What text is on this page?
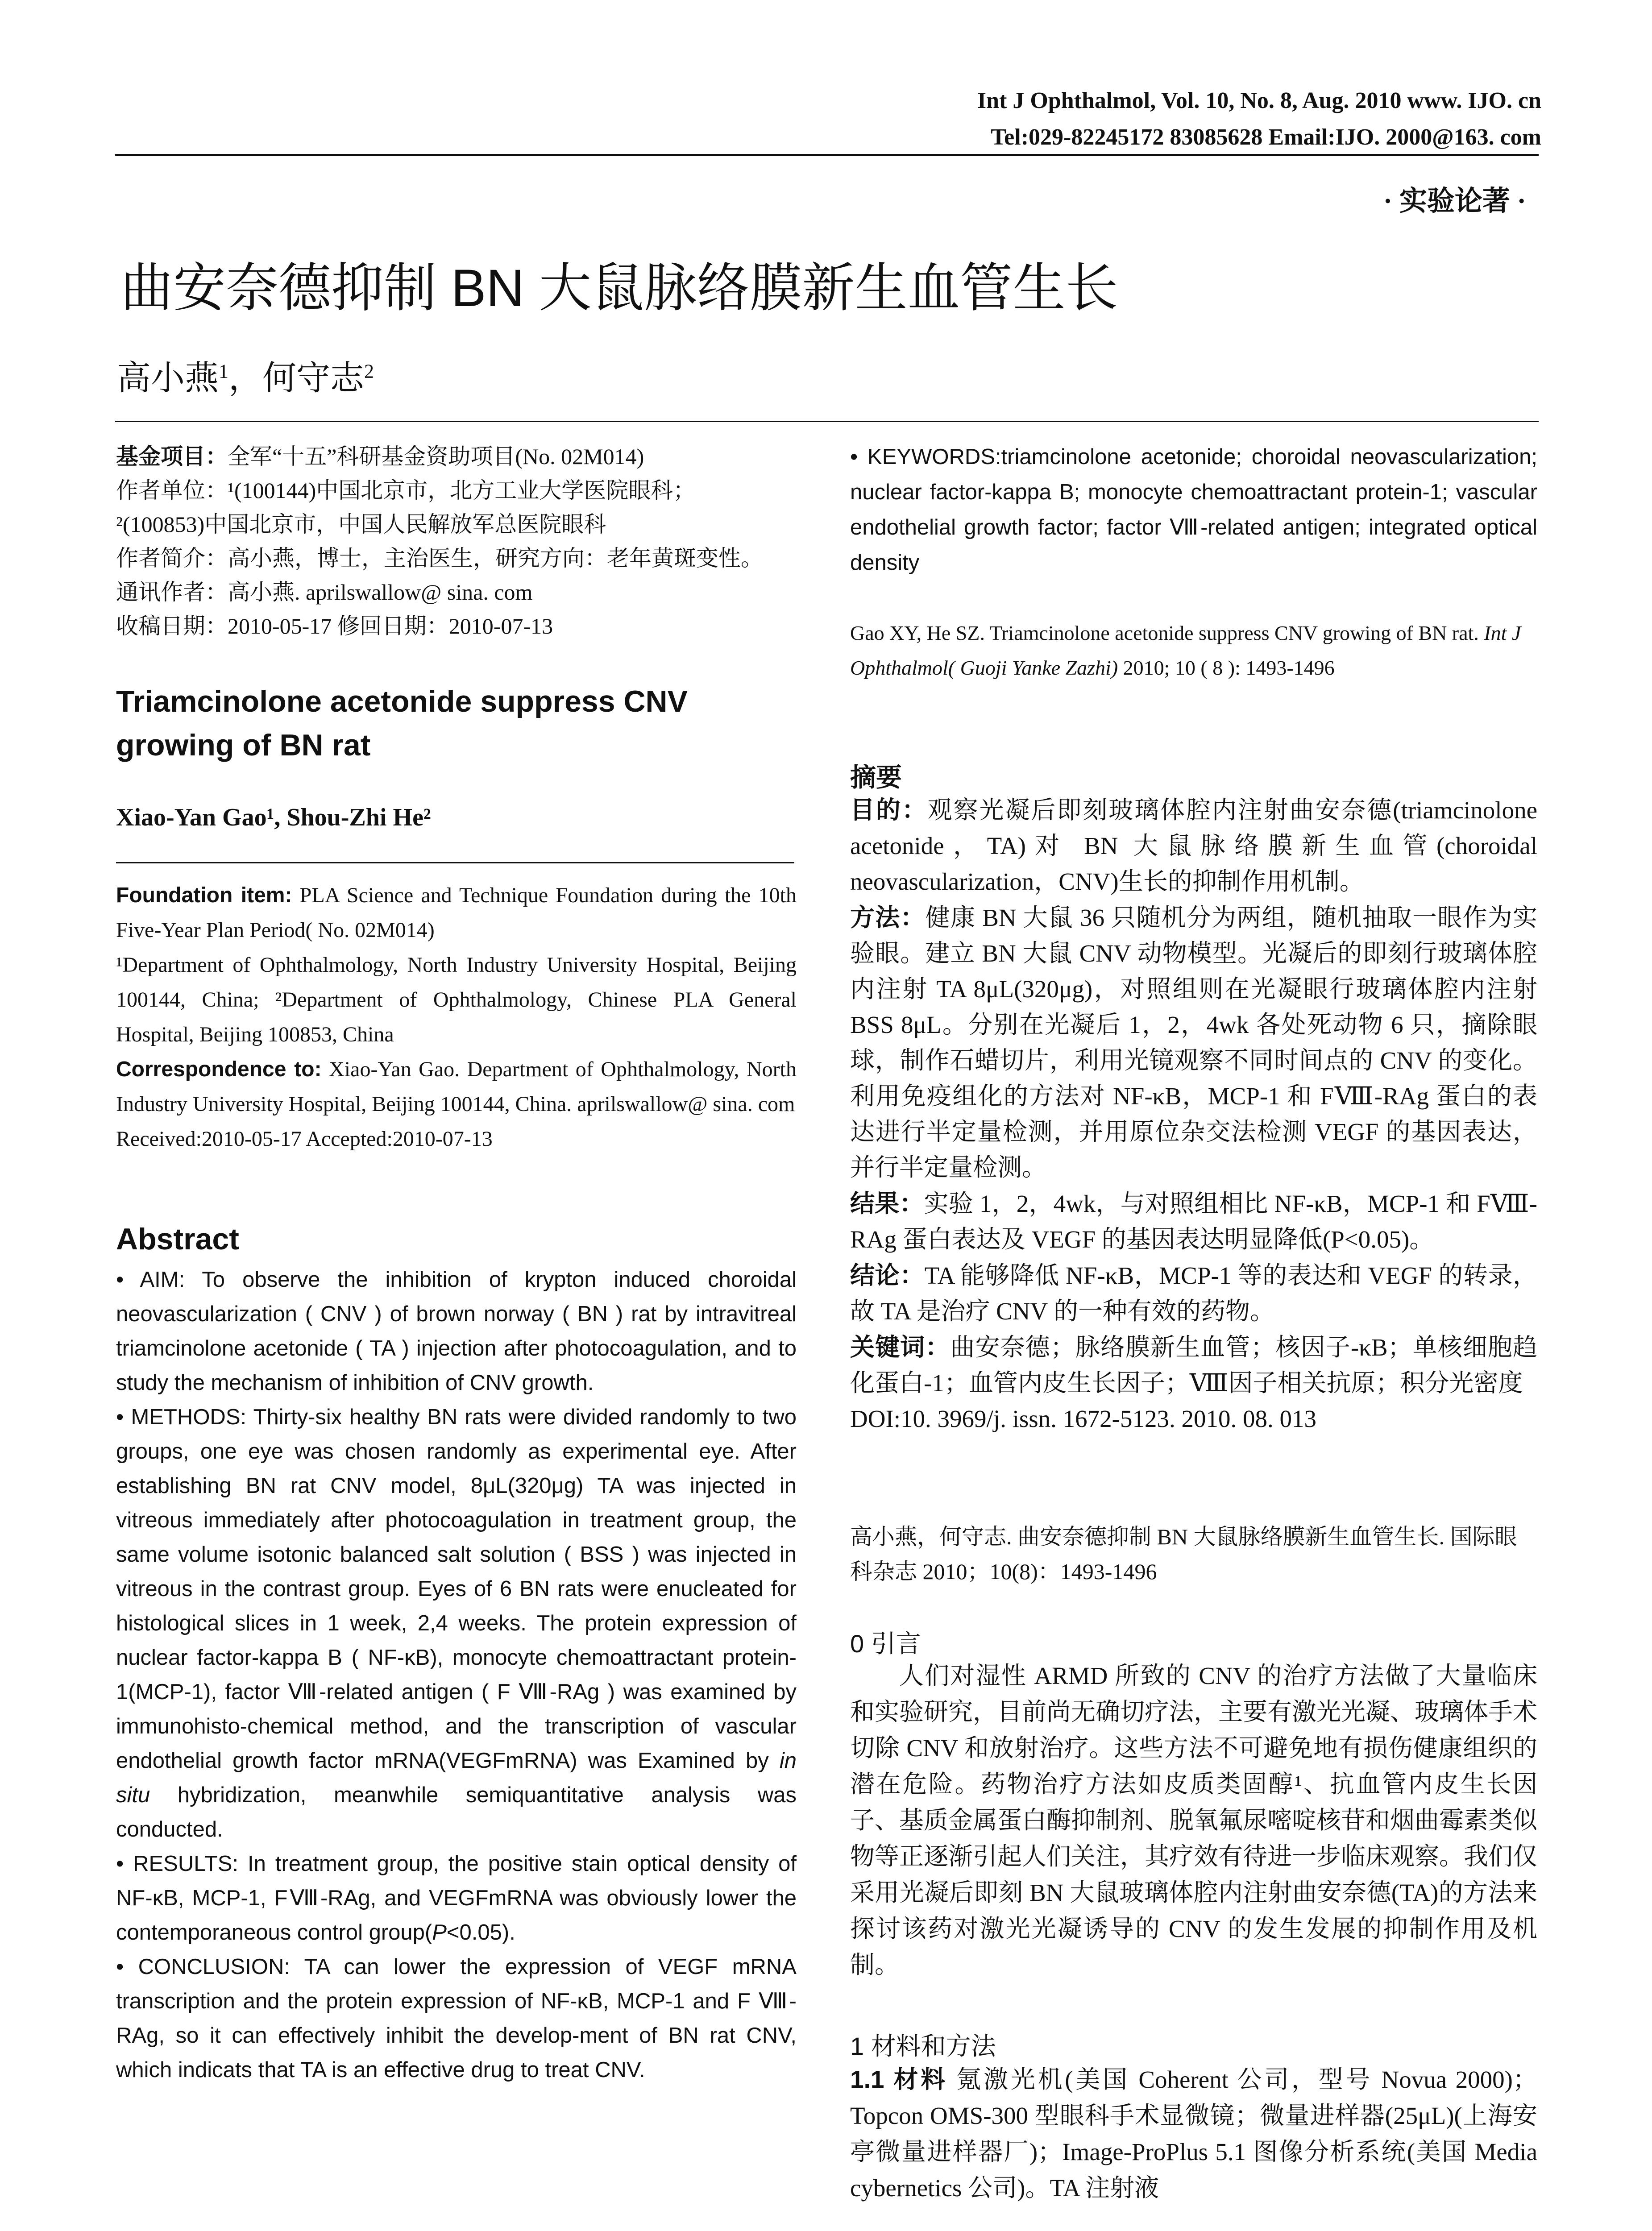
Int J Ophthalmol, Vol. 10, No. 8, Aug. 2010 www. IJO. cn
Tel:029-82245172 83085628 Email:IJO. 2000@163. com
· 实验论著 ·
曲安奈德抑制 BN 大鼠脉络膜新生血管生长
高小燕$^1$，何守志$^2$
基金项目：全军“十五”科研基金资助项目(No. 02M014)
作者单位：¹(100144)中国北京市，北方工业大学医院眼科；
²(100853)中国北京市，中国人民解放军总医院眼科
作者简介：高小燕，博士，主治医生，研究方向：老年黄斑变性。
通讯作者：高小燕. aprilswallow@ sina. com
收稿日期：2010-05-17 修回日期：2010-07-13
Triamcinolone acetonide suppress CNV growing of BN rat
Xiao-Yan Gao¹, Shou-Zhi He²
Foundation item: PLA Science and Technique Foundation during the 10th Five-Year Plan Period( No. 02M014)
¹Department of Ophthalmology, North Industry University Hospital, Beijing 100144, China; ²Department of Ophthalmology, Chinese PLA General Hospital, Beijing 100853, China
Correspondence to: Xiao-Yan Gao. Department of Ophthalmology, North Industry University Hospital, Beijing 100144, China. aprilswallow@ sina. com
Received:2010-05-17 Accepted:2010-07-13
Abstract

• AIM: To observe the inhibition of krypton induced choroidal neovascularization ( CNV ) of brown norway ( BN ) rat by intravitreal triamcinolone acetonide ( TA ) injection after photocoagulation, and to study the mechanism of inhibition of CNV growth.

• METHODS: Thirty-six healthy BN rats were divided randomly to two groups, one eye was chosen randomly as experimental eye. After establishing BN rat CNV model, 8μL(320μg) TA was injected in vitreous immediately after photocoagulation in treatment group, the same volume isotonic balanced salt solution ( BSS ) was injected in vitreous in the contrast group. Eyes of 6 BN rats were enucleated for histological slices in 1 week, 2,4 weeks. The protein expression of nuclear factor-kappa B ( NF-κB), monocyte chemoattractant protein-1(MCP-1), factor Ⅷ-related antigen ( F Ⅷ-RAg ) was examined by immunohisto-chemical method, and the transcription of vascular endothelial growth factor mRNA(VEGFmRNA) was Examined by in situ hybridization, meanwhile semiquantitative analysis was conducted.

• RESULTS: In treatment group, the positive stain optical density of NF-κB, MCP-1, FⅧ-RAg, and VEGFmRNA was obviously lower the contemporaneous control group(P<0.05).

• CONCLUSION: TA can lower the expression of VEGF mRNA transcription and the protein expression of NF-κB, MCP-1 and F Ⅷ-RAg, so it can effectively inhibit the develop-ment of BN rat CNV, which indicats that TA is an effective drug to treat CNV.

• KEYWORDS:triamcinolone acetonide; choroidal neovascularization; nuclear factor-kappa B; monocyte chemoattractant protein-1; vascular endothelial growth factor; factor Ⅷ-related antigen; integrated optical density
Gao XY, He SZ. Triamcinolone acetonide suppress CNV growing of BN rat. Int J Ophthalmol( Guoji Yanke Zazhi) 2010; 10 ( 8 ): 1493-1496
摘要

目的：观察光凝后即刻玻璃体腔内注射曲安奈德(triamcinolone acetonide，TA)对 BN 大鼠脉络膜新生血管(choroidal neovascularization，CNV)生长的抑制作用机制。

方法：健康 BN 大鼠 36 只随机分为两组，随机抽取一眼作为实验眼。建立 BN 大鼠 CNV 动物模型。光凝后的即刻行玻璃体腔内注射 TA 8μL(320μg)，对照组则在光凝眼行玻璃体腔内注射 BSS 8μL。分别在光凝后 1，2，4wk 各处死动物 6 只，摘除眼球，制作石蜡切片，利用光镜观察不同时间点的 CNV 的变化。利用免疫组化的方法对 NF-κB，MCP-1 和 FⅧ-RAg 蛋白的表达进行半定量检测，并用原位杂交法检测 VEGF 的基因表达，并行半定量检测。

结果：实验 1，2，4wk，与对照组相比 NF-κB，MCP-1 和 FⅧ-RAg 蛋白表达及 VEGF 的基因表达明显降低(P<0.05)。

结论：TA 能够降低 NF-κB，MCP-1 等的表达和 VEGF 的转录，故 TA 是治疗 CNV 的一种有效的药物。

关键词：曲安奈德；脉络膜新生血管；核因子-κB；单核细胞趋化蛋白-1；血管内皮生长因子；Ⅷ因子相关抗原；积分光密度

DOI:10. 3969/j. issn. 1672-5123. 2010. 08. 013

高小燕，何守志. 曲安奈德抑制 BN 大鼠脉络膜新生血管生长. 国际眼科杂志 2010；10(8)：1493-1496
0 引言

人们对湿性 ARMD 所致的 CNV 的治疗方法做了大量临床和实验研究，目前尚无确切疗法，主要有激光光凝、玻璃体手术切除 CNV 和放射治疗。这些方法不可避免地有损伤健康组织的潜在危险。药物治疗方法如皮质类固醇¹、抗血管内皮生长因子、基质金属蛋白酶抑制剂、脱氧氟尿嘧啶核苷和烟曲霉素类似物等正逐渐引起人们关注，其疗效有待进一步临床观察。我们仅采用光凝后即刻 BN 大鼠玻璃体腔内注射曲安奈德(TA)的方法来探讨该药对激光光凝诱导的 CNV 的发生发展的抑制作用及机制。

1 材料和方法
1.1 材料 氪激光机(美国 Coherent 公司，型号 Novua 2000)；Topcon OMS-300 型眼科手术显微镜；微量进样器(25μL)(上海安亭微量进样器厂)；Image-ProPlus 5.1 图像分析系统(美国 Media cybernetics 公司)。TA 注射液
